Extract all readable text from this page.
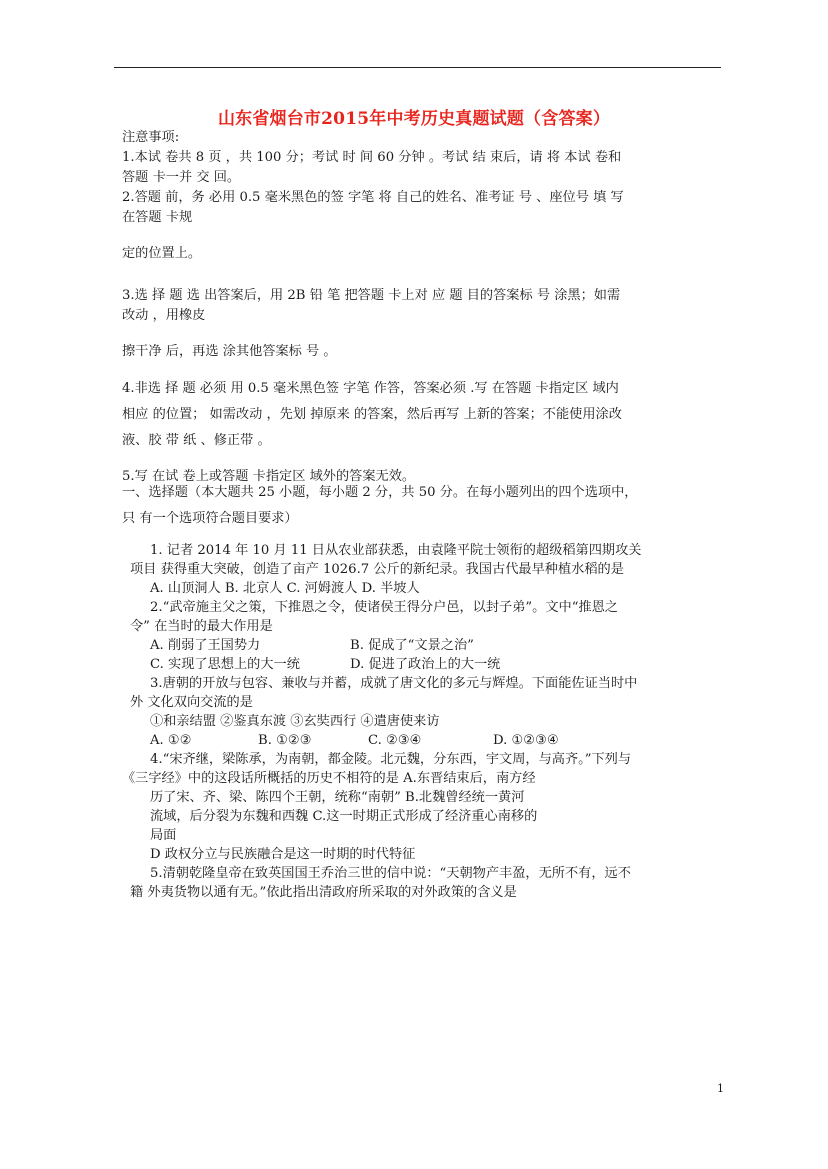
山东省烟台市2015年中考历史真题试题（含答案）

注意事项:

1.本试 卷共 8 页 ，共 100 分；考试 时 间 60 分钟 。考试 结 束后，请 将 本试 卷和

答题 卡一并 交 回。

2.答题 前，务 必用 0.5 毫米黑色的签 字笔 将 自己的姓名、准考证 号 、座位号 填 写

在答题 卡规

定的位置上。

3.选 择 题 选 出答案后，用 2B 铅 笔 把答题 卡上对 应 题 目的答案标 号 涂黑；如需

改动 ，用橡皮

擦干净 后，再选 涂其他答案标 号 。

4.非选 择 题 必须 用 0.5 毫米黑色签 字笔 作答，答案必须 .写 在答题 卡指定区 域内

相应 的位置； 如需改动 ，先划 掉原来 的答案，然后再写 上新的答案；不能使用涂改

液、胶 带 纸 、修正带 。

5.写 在试 卷上或答题 卡指定区 域外的答案无效。

一、选择题（本大题共 25 小题，每小题 2 分，共 50 分。在每小题列出的四个选项中，

只 有一个选项符合题目要求）

1. 记者 2014 年 10 月 11 日从农业部获悉，由袁隆平院士领衔的超级稻第四期攻关

项目 获得重大突破，创造了亩产 1026.7 公斤的新纪录。我国古代最早种植水稻的是

A. 山顶洞人 B. 北京人 C. 河姆渡人 D. 半坡人

2.“武帝施主父之策，下推恩之令，使诸侯王得分户邑，以封子弟”。文中“推恩之

令” 在当时的最大作用是

A. 削弱了王国势力	B. 促成了“文景之治”

C. 实现了思想上的大一统	D. 促进了政治上的大一统

3.唐朝的开放与包容、兼收与并蓄，成就了唐文化的多元与辉煌。下面能佐证当时中

外 文化双向交流的是

①和亲结盟 ②鉴真东渡 ③玄奘西行 ④遣唐使来访

A. ①②	B. ①②③	C. ②③④	D. ①②③④

4.“宋齐继，梁陈承，为南朝，都金陵。北元魏，分东西，宇文周，与高齐。”下列与

《三字经》中的这段话所概括的历史不相符的是 A.东晋结束后，南方经

历了宋、齐、梁、陈四个王朝，统称“南朝” B.北魏曾经统一黄河

流域，后分裂为东魏和西魏 C.这一时期正式形成了经济重心南移的

局面

D 政权分立与民族融合是这一时期的时代特征

5.清朝乾隆皇帝在致英国国王乔治三世的信中说：“天朝物产丰盈，无所不有，远不

籍 外夷货物以通有无。”依此指出清政府所采取的对外政策的含义是

1
